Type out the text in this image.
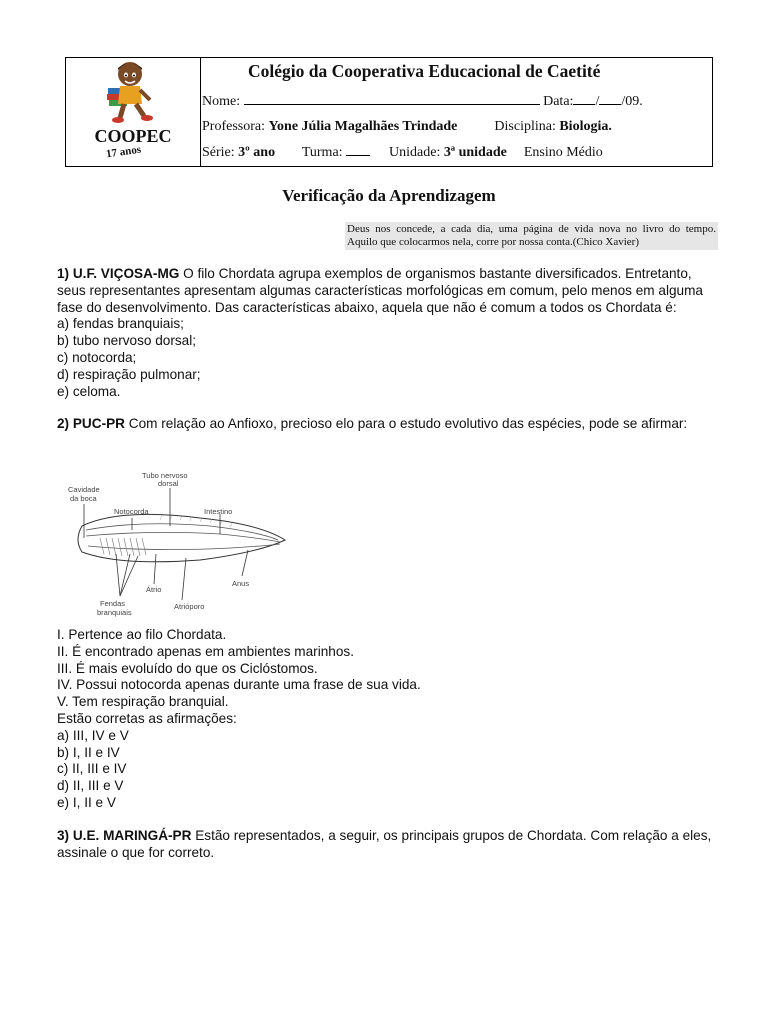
COOPEC
17 anos
Colégio da Cooperativa Educacional de Caetité
Nome:	Data: / /09.
Professora: Yone Júlia Magalhães Trindade	Disciplina: Biologia.
Série: 3º ano Turma:	Unidade: 3ª unidade Ensino Médio
Verificação da Aprendizagem
Deus nos concede, a cada dia, uma página de vida nova no livro do tempo.
Aquilo que colocarmos nela, corre por nossa conta.(Chico Xavier)

1) U.F. VIÇOSA-MG O filo Chordata agrupa exemplos de organismos bastante diversificados. Entretanto, seus representantes apresentam algumas características morfológicas em comum, pelo menos em alguma fase do desenvolvimento. Das características abaixo, aquela que não é comum a todos os Chordata é:

a) fendas branquiais;

b) tubo nervoso dorsal;

c) notocorda;

d) respiração pulmonar;

e) celoma.

2) PUC-PR Com relação ao Anfioxo, precioso elo para o estudo evolutivo das espécies, pode se afirmar:

Tubo nervoso
dorsal
Cavidade
da boca
Notocorda	Intestino
Anus
Átrio
Atrióporo
Fendas
branquiais

I. Pertence ao filo Chordata.

II. É encontrado apenas em ambientes marinhos.

III. É mais evoluído do que os Ciclóstomos.

IV. Possui notocorda apenas durante uma frase de sua vida.

V. Tem respiração branquial.

Estão corretas as afirmações:

a) III, IV e V

b) I, II e IV

c) II, III e IV

d) II, III e V

e) I, II e V

3) U.E. MARINGÁ-PR Estão representados, a seguir, os principais grupos de Chordata. Com relação a eles, assinale o que for correto.
